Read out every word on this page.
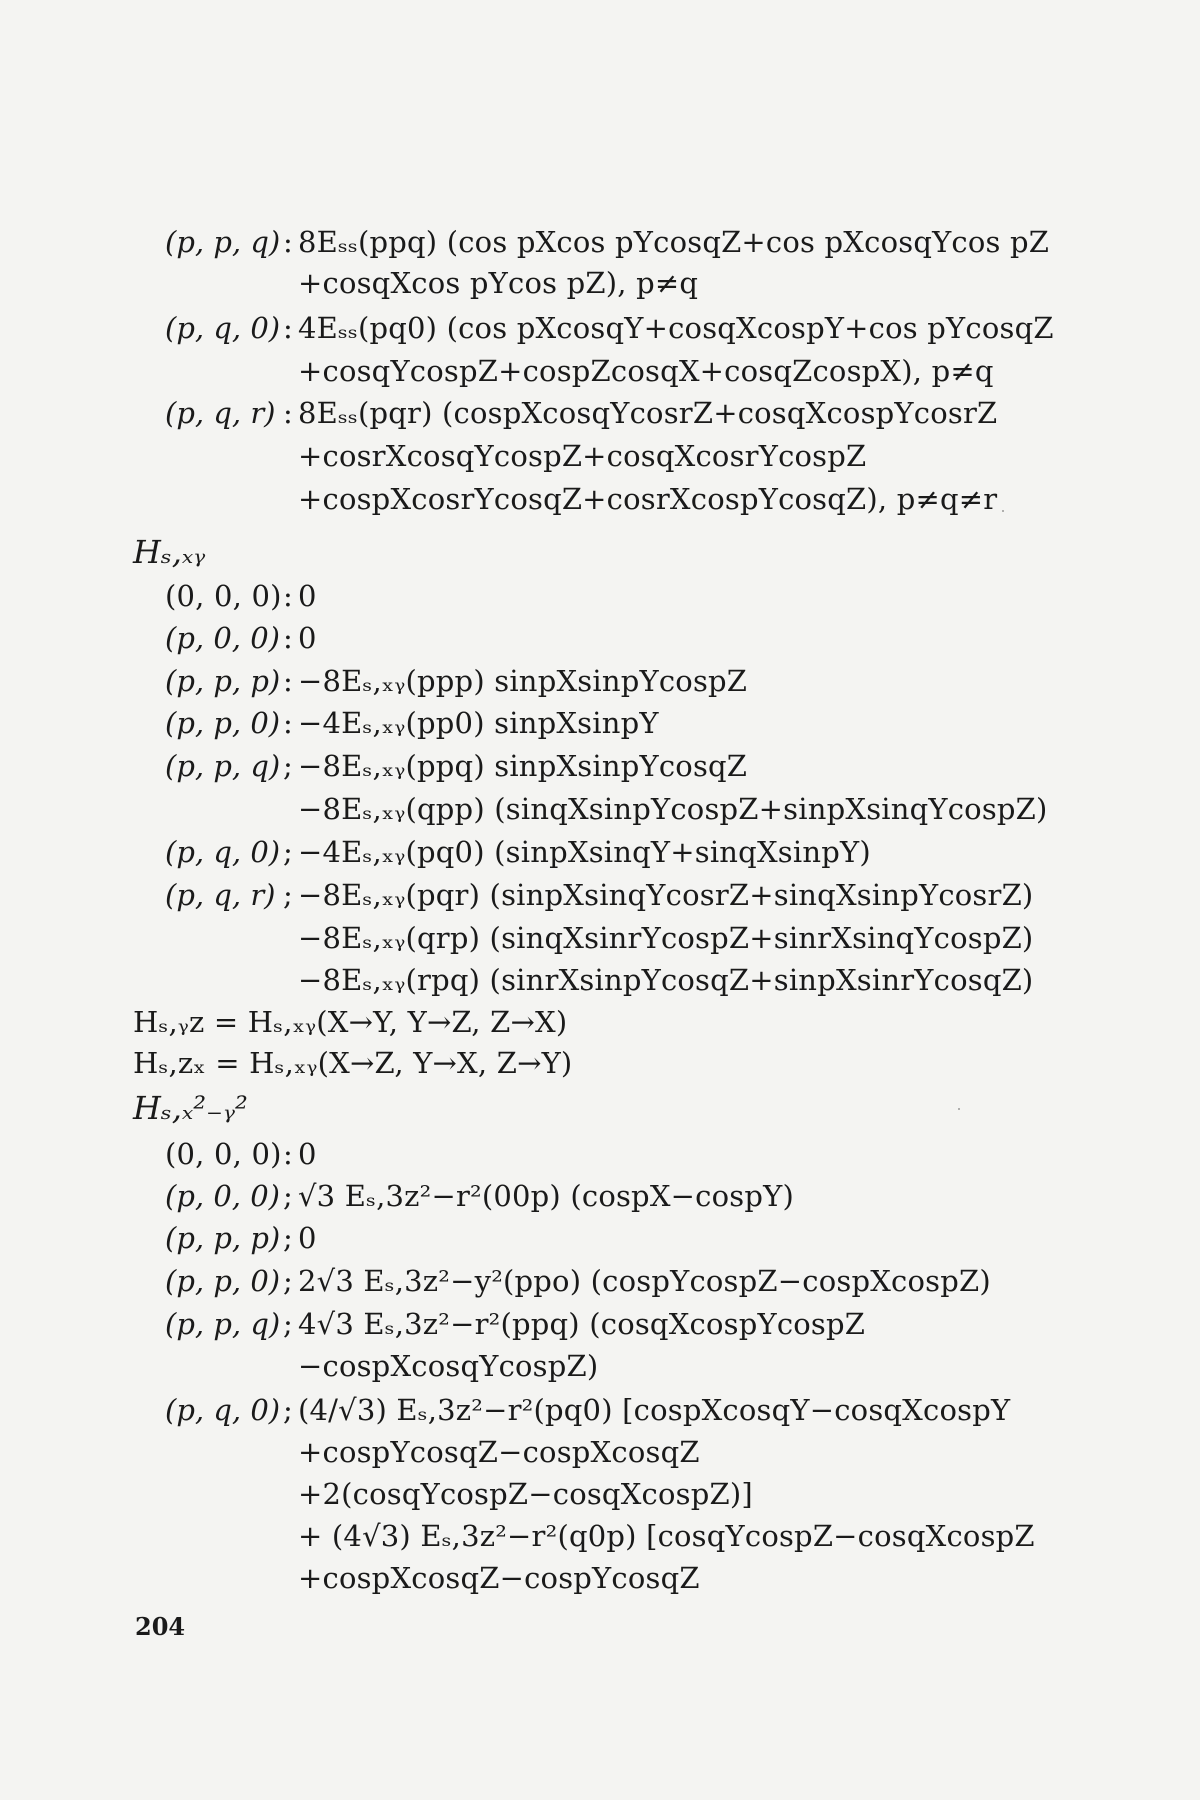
(p, p, q) : 8Eₛₛ(ppq) (cos pXcos pYcosqZ+cos pXcosqYcos pZ
+cosqXcos pYcos pZ), p≠q
(p, q, 0) : 4Eₛₛ(pq0) (cos pXcosqY+cosqXcospY+cos pYcosqZ
+cosqYcospZ+cospZcosqX+cosqZcospX), p≠q
(p, q, r) : 8Eₛₛ(pqr) (cospXcosqYcosrZ+cosqXcospYcosrZ
+cosrXcosqYcospZ+cosqXcosrYcospZ
+cospXcosrYcosqZ+cosrXcospYcosqZ), p≠q≠r
Hₛ,ₓᵧ
(0, 0, 0) : 0
(p, 0, 0) : 0
(p, p, p) : −8Eₛ,ₓᵧ(ppp) sinpXsinpYcospZ
(p, p, 0) : −4Eₛ,ₓᵧ(pp0) sinpXsinpY
(p, p, q) ; −8Eₛ,ₓᵧ(ppq) sinpXsinpYcosqZ
−8Eₛ,ₓᵧ(qpp) (sinqXsinpYcospZ+sinpXsinqYcospZ)
(p, q, 0) ; −4Eₛ,ₓᵧ(pq0) (sinpXsinqY+sinqXsinpY)
(p, q, r) ; −8Eₛ,ₓᵧ(pqr) (sinpXsinqYcosrZ+sinqXsinpYcosrZ)
−8Eₛ,ₓᵧ(qrp) (sinqXsinrYcospZ+sinrXsinqYcospZ)
−8Eₛ,ₓᵧ(rpq) (sinrXsinpYcosqZ+sinpXsinrYcosqZ)
Hₛ,ᵧz = Hₛ,ₓᵧ(X→Y, Y→Z, Z→X)
Hₛ,zₓ = Hₛ,ₓᵧ(X→Z, Y→X, Z→Y)
Hₛ,ₓ²₋ᵧ²
(0, 0, 0) : 0
(p, 0, 0) ; √3 Eₛ,3z²−r²(00p) (cospX−cospY)
(p, p, p) ; 0
(p, p, 0) ; 2√3 Eₛ,3z²−y²(ppo) (cospYcospZ−cospXcospZ)
(p, p, q) ; 4√3 Eₛ,3z²−r²(ppq) (cosqXcospYcospZ
−cospXcosqYcospZ)
(p, q, 0) ; (4/√3) Eₛ,3z²−r²(pq0) [cospXcosqY−cosqXcospY
+cospYcosqZ−cospXcosqZ
+2(cosqYcospZ−cosqXcospZ)]
+ (4√3) Eₛ,3z²−r²(q0p) [cosqYcospZ−cosqXcospZ
+cospXcosqZ−cospYcosqZ
204
